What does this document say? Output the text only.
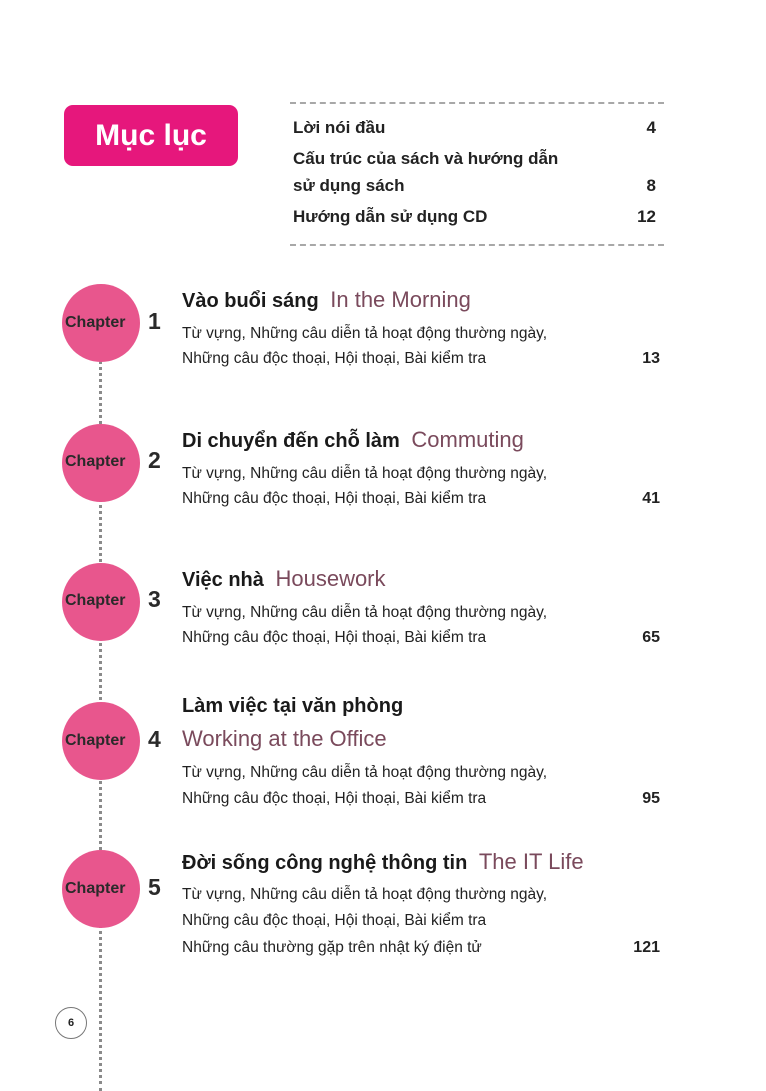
Mục lục	Lời nói đầu	4
Cấu trúc của sách và hướng dẫn
sử dụng sách	8
Hướng dẫn sử dụng CD	12
Chapter 1
Vào buổi sáng In the Morning
Từ vựng, Những câu diễn tả hoạt động thường ngày,
Những câu độc thoại, Hội thoại, Bài kiểm tra	13
Chapter 2
Di chuyển đến chỗ làm Commuting
Từ vựng, Những câu diễn tả hoạt động thường ngày,
Những câu độc thoại, Hội thoại, Bài kiểm tra	41
Chapter 3
Việc nhà Housework
Từ vựng, Những câu diễn tả hoạt động thường ngày,
Những câu độc thoại, Hội thoại, Bài kiểm tra	65
Chapter 4
Làm việc tại văn phòng
Working at the Office
Từ vựng, Những câu diễn tả hoạt động thường ngày,
Những câu độc thoại, Hội thoại, Bài kiểm tra	95
Chapter 5
Đời sống công nghệ thông tin The IT Life
Từ vựng, Những câu diễn tả hoạt động thường ngày,
Những câu độc thoại, Hội thoại, Bài kiểm tra
Những câu thường gặp trên nhật ký điện tử	121
6
